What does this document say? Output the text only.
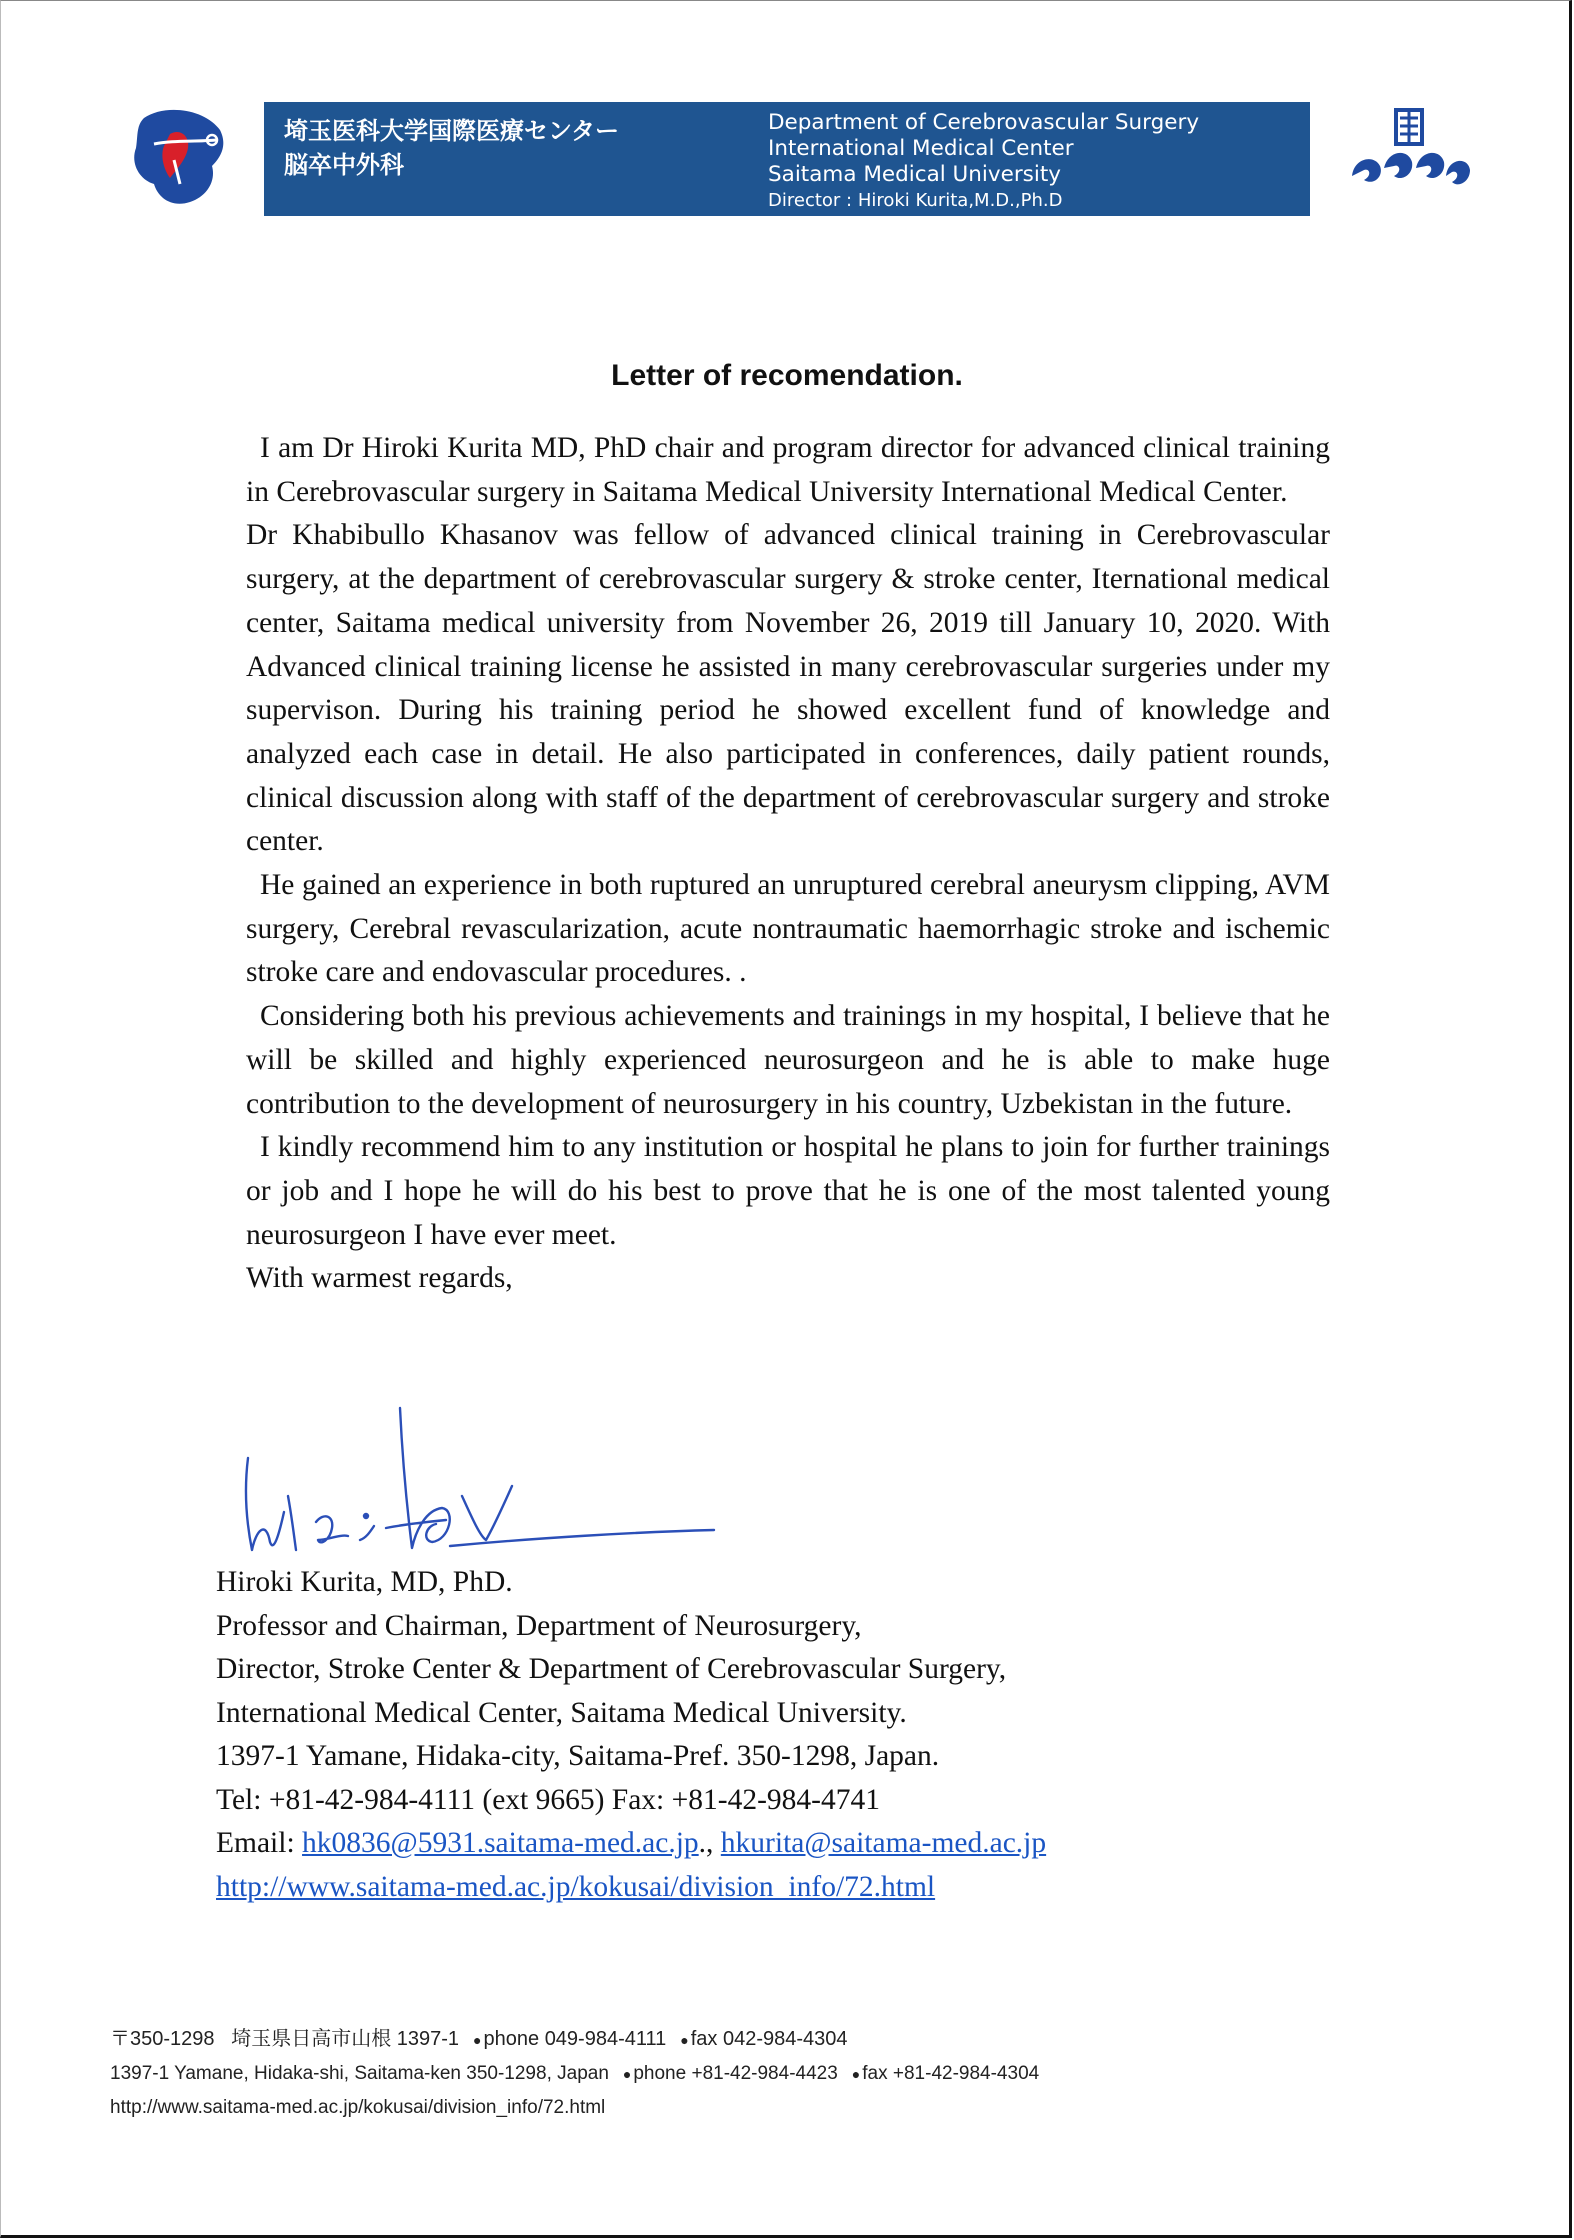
埼玉医科大学国際医療センター
脳卒中外科
Department of Cerebrovascular Surgery
International Medical Center
Saitama Medical University
Director : Hiroki Kurita,M.D.,Ph.D
Letter of recomendation.

I am Dr Hiroki Kurita MD, PhD chair and program director for advanced clinical training in Cerebrovascular surgery in Saitama Medical University International Medical Center.

Dr Khabibullo Khasanov was fellow of advanced clinical training in Cerebrovascular surgery, at the department of cerebrovascular surgery & stroke center, Iternational medical center, Saitama medical university from November 26, 2019 till January 10, 2020. With Advanced clinical training license he assisted in many cerebrovascular surgeries under my supervison. During his training period he showed excellent fund of knowledge and analyzed each case in detail. He also participated in conferences, daily patient rounds, clinical discussion along with staff of the department of cerebrovascular surgery and stroke center.

He gained an experience in both ruptured an unruptured cerebral aneurysm clipping, AVM surgery, Cerebral revascularization, acute nontraumatic haemorrhagic stroke and ischemic stroke care and endovascular procedures. .

Considering both his previous achievements and trainings in my hospital, I believe that he will be skilled and highly experienced neurosurgeon and he is able to make huge contribution to the development of neurosurgery in his country, Uzbekistan in the future.

I kindly recommend him to any institution or hospital he plans to join for further trainings or job and I hope he will do his best to prove that he is one of the most talented young neurosurgeon I have ever meet.

With warmest regards,

Hiroki Kurita, MD, PhD.
Professor and Chairman, Department of Neurosurgery,
Director, Stroke Center & Department of Cerebrovascular Surgery,
International Medical Center, Saitama Medical University.
1397-1 Yamane, Hidaka-city, Saitama-Pref. 350-1298, Japan.
Tel: +81-42-984-4111 (ext 9665) Fax: +81-42-984-4741
Email: hk0836@5931.saitama-med.ac.jp., hkurita@saitama-med.ac.jp
http://www.saitama-med.ac.jp/kokusai/division_info/72.html
〒350-1298 埼玉県日高市山根 1397-1 ● phone 049-984-4111 ● fax 042-984-4304
1397-1 Yamane, Hidaka-shi, Saitama-ken 350-1298, Japan ● phone +81-42-984-4423 ● fax +81-42-984-4304
http://www.saitama-med.ac.jp/kokusai/division_info/72.html
